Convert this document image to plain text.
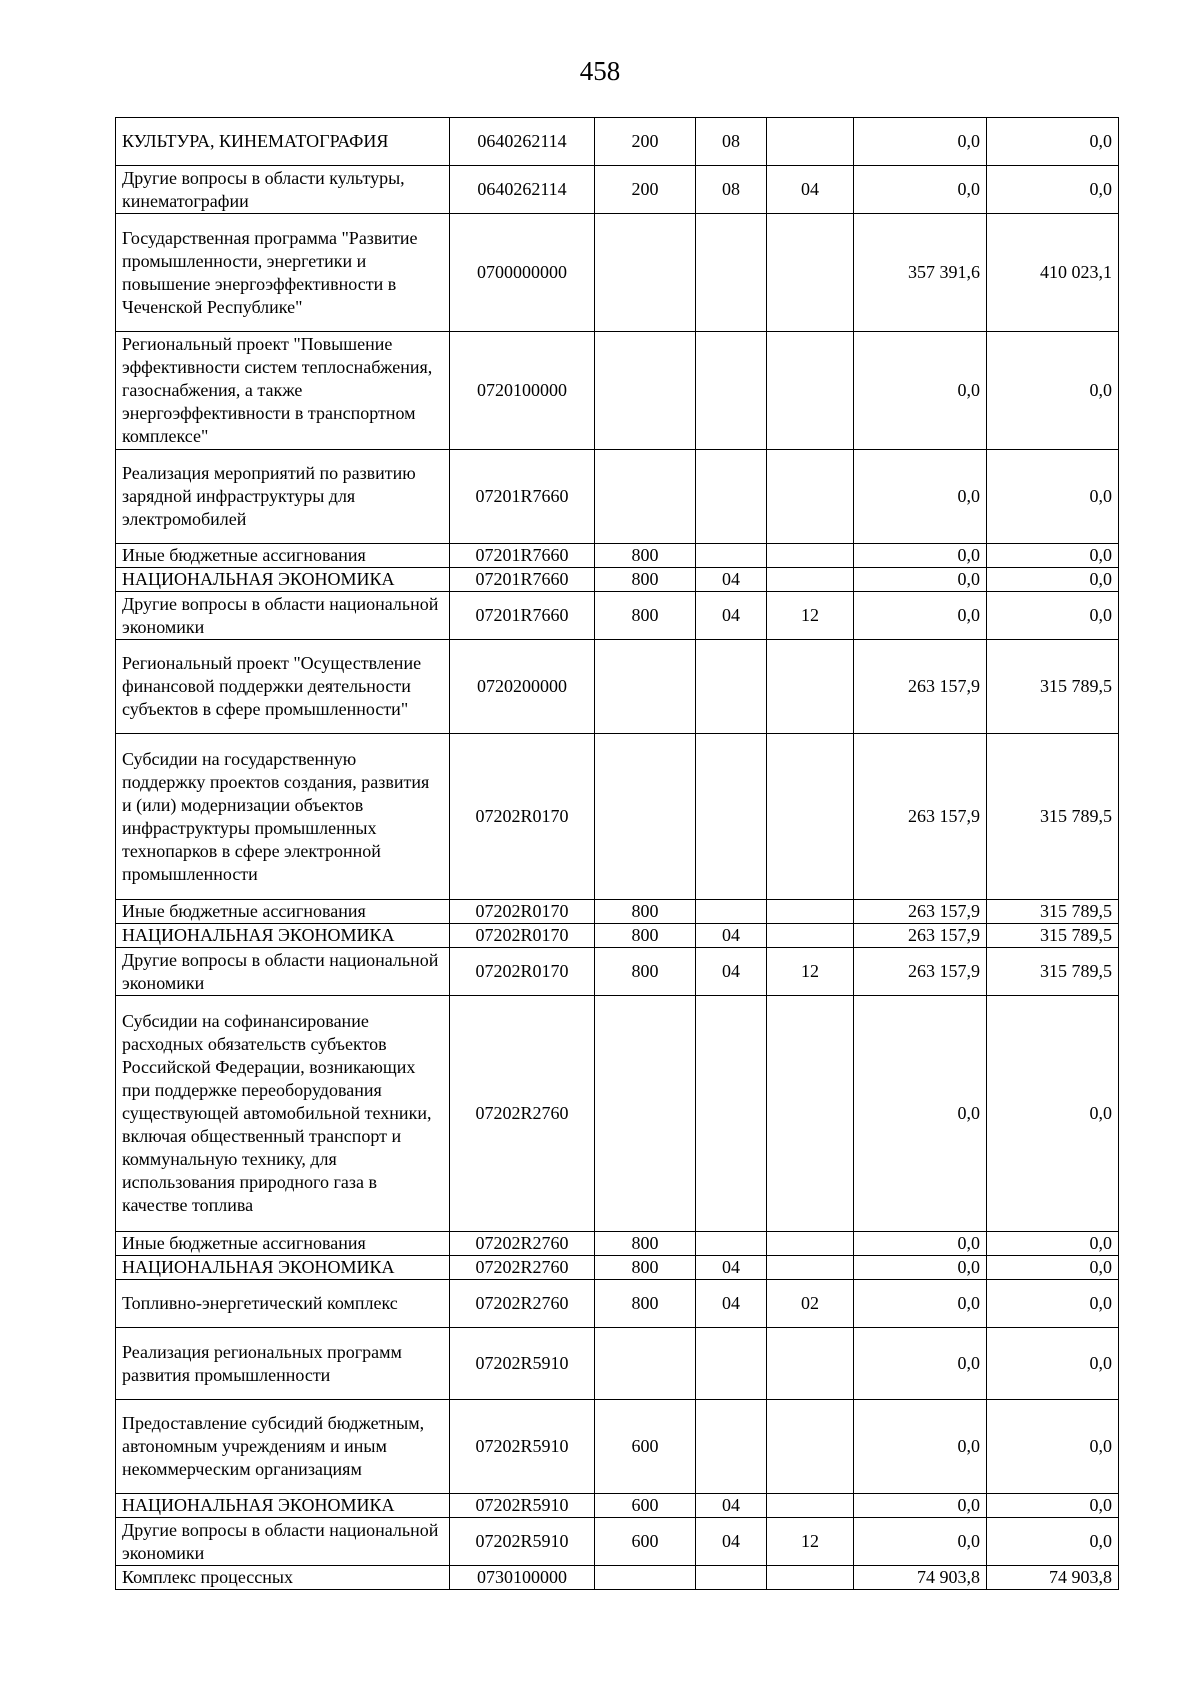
458
КУЛЬТУРА, КИНЕМАТОГРАФИЯ	0640262114	200	08		0,0	0,0
Другие вопросы в области культуры, кинематографии	0640262114	200	08	04	0,0	0,0
Государственная программа "Развитие промышленности, энергетики и повышение энергоэффективности в Чеченской Республике"	0700000000				357 391,6	410 023,1
Региональный проект "Повышение эффективности систем теплоснабжения, газоснабжения, а также энергоэффективности в транспортном комплексе"	0720100000				0,0	0,0
Реализация мероприятий по развитию зарядной инфраструктуры для электромобилей	07201R7660				0,0	0,0
Иные бюджетные ассигнования	07201R7660	800			0,0	0,0
НАЦИОНАЛЬНАЯ ЭКОНОМИКА	07201R7660	800	04		0,0	0,0
Другие вопросы в области национальной экономики	07201R7660	800	04	12	0,0	0,0
Региональный проект "Осуществление финансовой поддержки деятельности субъектов в сфере промышленности"	0720200000				263 157,9	315 789,5
Субсидии на государственную поддержку проектов создания, развития и (или) модернизации объектов инфраструктуры промышленных технопарков в сфере электронной промышленности	07202R0170				263 157,9	315 789,5
Иные бюджетные ассигнования	07202R0170	800			263 157,9	315 789,5
НАЦИОНАЛЬНАЯ ЭКОНОМИКА	07202R0170	800	04		263 157,9	315 789,5
Другие вопросы в области национальной экономики	07202R0170	800	04	12	263 157,9	315 789,5
Субсидии на софинансирование расходных обязательств субъектов Российской Федерации, возникающих при поддержке переоборудования существующей автомобильной техники, включая общественный транспорт и коммунальную технику, для использования природного газа в качестве топлива	07202R2760				0,0	0,0
Иные бюджетные ассигнования	07202R2760	800			0,0	0,0
НАЦИОНАЛЬНАЯ ЭКОНОМИКА	07202R2760	800	04		0,0	0,0
Топливно-энергетический комплекс	07202R2760	800	04	02	0,0	0,0
Реализация региональных программ развития промышленности	07202R5910				0,0	0,0
Предоставление субсидий бюджетным, автономным учреждениям и иным некоммерческим организациям	07202R5910	600			0,0	0,0
НАЦИОНАЛЬНАЯ ЭКОНОМИКА	07202R5910	600	04		0,0	0,0
Другие вопросы в области национальной экономики	07202R5910	600	04	12	0,0	0,0
Комплекс процессных	0730100000				74 903,8	74 903,8
